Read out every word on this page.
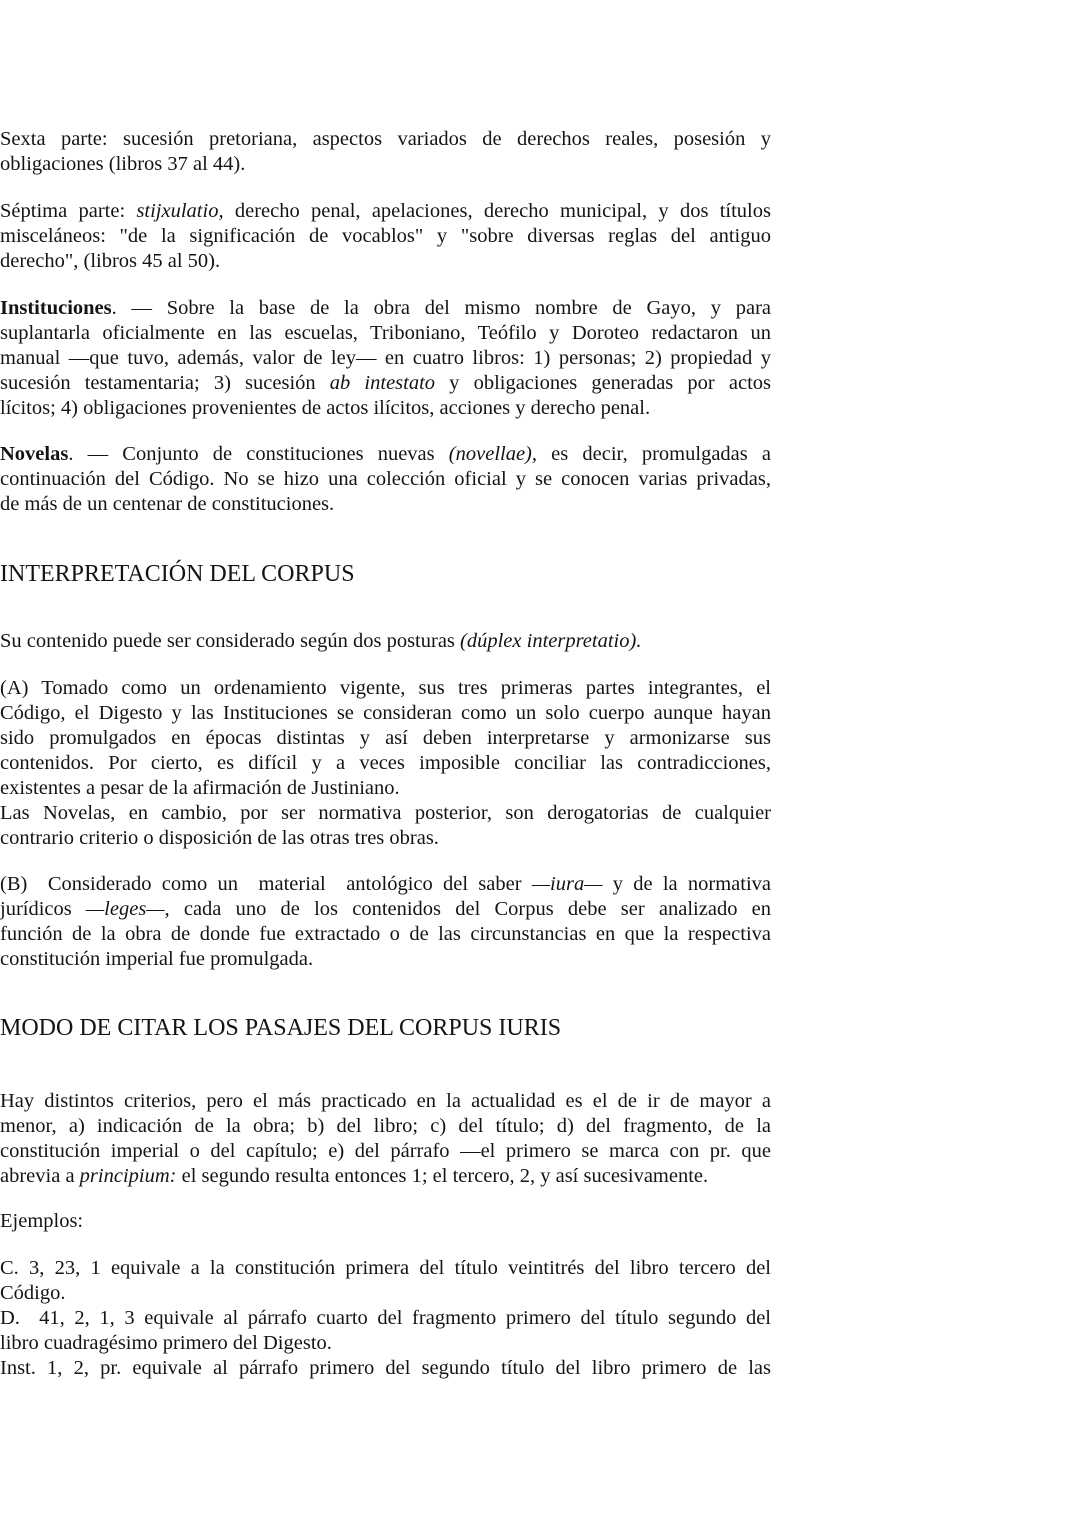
Sexta parte: sucesión pretoriana, aspectos variados de derechos reales, posesión y
obligaciones (libros 37 al 44).

Séptima parte: stijxulatio, derecho penal, apelaciones, derecho municipal, y dos títulos
misceláneos: "de la significación de vocablos" y "sobre diversas reglas del antiguo
derecho", (libros 45 al 50).

Instituciones. — Sobre la base de la obra del mismo nombre de Gayo, y para
suplantarla oficialmente en las escuelas, Triboniano, Teófilo y Doroteo redactaron un
manual —que tuvo, además, valor de ley— en cuatro libros: 1) personas; 2) propiedad y
sucesión testamentaria; 3) sucesión ab intestato y obligaciones generadas por actos
lícitos; 4) obligaciones provenientes de actos ilícitos, acciones y derecho penal.

Novelas. — Conjunto de constituciones nuevas (novellae), es decir, promulgadas a
continuación del Código. No se hizo una colección oficial y se conocen varias privadas,
de más de un centenar de constituciones.

INTERPRETACIÓN DEL CORPUS

Su contenido puede ser considerado según dos posturas (dúplex interpretatio).

(A) Tomado como un ordenamiento vigente, sus tres primeras partes integrantes, el
Código, el Digesto y las Instituciones se consideran como un solo cuerpo aunque hayan
sido promulgados en épocas distintas y así deben interpretarse y armonizarse sus
contenidos. Por cierto, es difícil y a veces imposible conciliar las contradicciones,
existentes a pesar de la afirmación de Justiniano.
Las Novelas, en cambio, por ser normativa posterior, son derogatorias de cualquier
contrario criterio o disposición de las otras tres obras.

(B)  Considerado como un  material  antológico del saber —iura— y de la normativa
jurídicos —leges—, cada uno de los contenidos del Corpus debe ser analizado en
función de la obra de donde fue extractado o de las circunstancias en que la respectiva
constitución imperial fue promulgada.

MODO DE CITAR LOS PASAJES DEL CORPUS IURIS

Hay distintos criterios, pero el más practicado en la actualidad es el de ir de mayor a
menor, a) indicación de la obra; b) del libro; c) del título; d) del fragmento, de la
constitución imperial o del capítulo; e) del párrafo —el primero se marca con pr. que
abrevia a principium: el segundo resulta entonces 1; el tercero, 2, y así sucesivamente.

Ejemplos:

C. 3, 23, 1 equivale a la constitución primera del título veintitrés del libro tercero del
Código.
D.  41, 2, 1, 3 equivale al párrafo cuarto del fragmento primero del título segundo del
libro cuadragésimo primero del Digesto.
Inst. 1, 2, pr. equivale al párrafo primero del segundo título del libro primero de las
